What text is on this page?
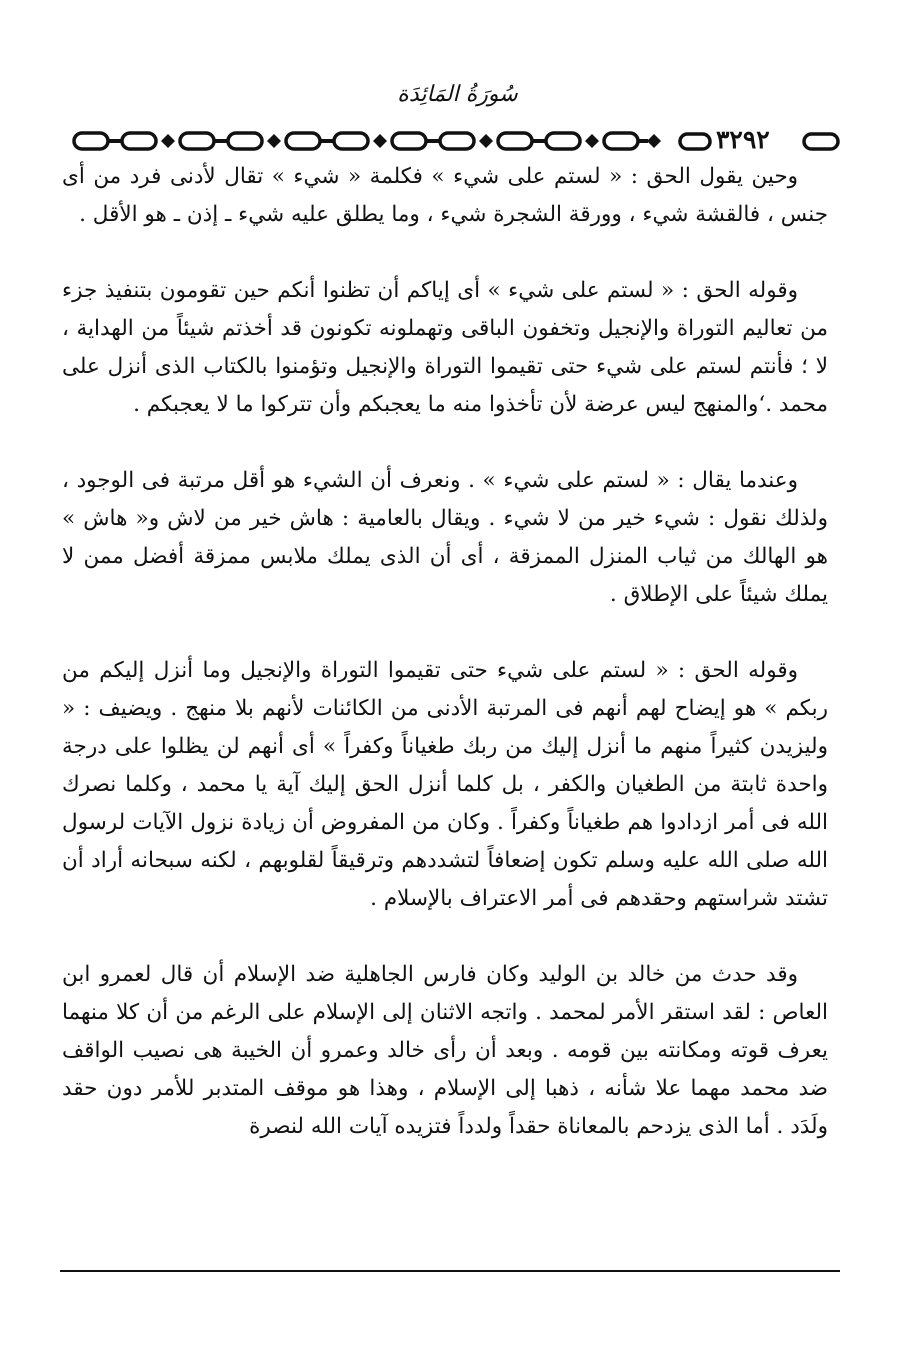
سُورَةُ المَائِدَة
٣٢٩٢

وحين يقول الحق : « لستم على شيء » فكلمة « شيء » تقال لأدنى فرد من أى جنس ، فالقشة شيء ، وورقة الشجرة شيء ، وما يطلق عليه شيء ـ إذن ـ هو الأقل .

وقوله الحق : « لستم على شيء » أى إياكم أن تظنوا أنكم حين تقومون بتنفيذ جزء من تعاليم التوراة والإنجيل وتخفون الباقى وتهملونه تكونون قد أخذتم شيئاً من الهداية ، لا ؛ فأنتم لستم على شيء حتى تقيموا التوراة والإنجيل وتؤمنوا بالكتاب الذى أنزل على محمد .‘والمنهج ليس عرضة لأن تأخذوا منه ما يعجبكم وأن تتركوا ما لا يعجبكم .

وعندما يقال : « لستم على شيء » . ونعرف أن الشيء هو أقل مرتبة فى الوجود ، ولذلك نقول : شيء خير من لا شيء . ويقال بالعامية : هاش خير من لاش و« هاش » هو الهالك من ثياب المنزل الممزقة ، أى أن الذى يملك ملابس ممزقة أفضل ممن لا يملك شيئاً على الإطلاق .

وقوله الحق : « لستم على شيء حتى تقيموا التوراة والإنجيل وما أنزل إليكم من ربكم » هو إيضاح لهم أنهم فى المرتبة الأدنى من الكائنات لأنهم بلا منهج . ويضيف : « وليزيدن كثيراً منهم ما أنزل إليك من ربك طغياناً وكفراً » أى أنهم لن يظلوا على درجة واحدة ثابتة من الطغيان والكفر ، بل كلما أنزل الحق إليك آية يا محمد ، وكلما نصرك الله فى أمر ازدادوا هم طغياناً وكفراً . وكان من المفروض أن زيادة نزول الآيات لرسول الله صلى الله عليه وسلم تكون إضعافاً لتشددهم وترقيقاً لقلوبهم ، لكنه سبحانه أراد أن تشتد شراستهم وحقدهم فى أمر الاعتراف بالإسلام .

وقد حدث من خالد بن الوليد وكان فارس الجاهلية ضد الإسلام أن قال لعمرو ابن العاص : لقد استقر الأمر لمحمد . واتجه الاثنان إلى الإسلام على الرغم من أن كلا منهما يعرف قوته ومكانته بين قومه . وبعد أن رأى خالد وعمرو أن الخيبة هى نصيب الواقف ضد محمد مهما علا شأنه ، ذهبا إلى الإسلام ، وهذا هو موقف المتدبر للأمر دون حقد ولَدَد . أما الذى يزدحم بالمعاناة حقداً ولدداً فتزيده آيات الله لنصرة
